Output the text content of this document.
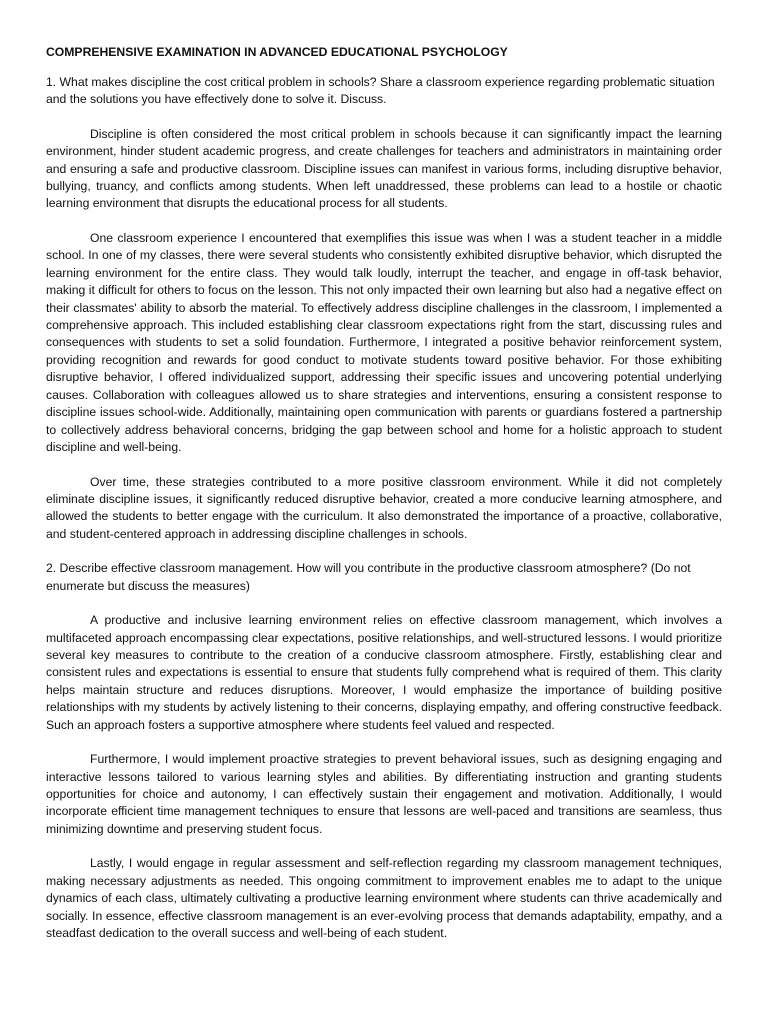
COMPREHENSIVE EXAMINATION IN ADVANCED EDUCATIONAL PSYCHOLOGY
1. What makes discipline the cost critical problem in schools? Share a classroom experience regarding problematic situation and the solutions you have effectively done to solve it. Discuss.

Discipline is often considered the most critical problem in schools because it can significantly impact the learning environment, hinder student academic progress, and create challenges for teachers and administrators in maintaining order and ensuring a safe and productive classroom. Discipline issues can manifest in various forms, including disruptive behavior, bullying, truancy, and conflicts among students. When left unaddressed, these problems can lead to a hostile or chaotic learning environment that disrupts the educational process for all students.

One classroom experience I encountered that exemplifies this issue was when I was a student teacher in a middle school. In one of my classes, there were several students who consistently exhibited disruptive behavior, which disrupted the learning environment for the entire class. They would talk loudly, interrupt the teacher, and engage in off-task behavior, making it difficult for others to focus on the lesson. This not only impacted their own learning but also had a negative effect on their classmates' ability to absorb the material. To effectively address discipline challenges in the classroom, I implemented a comprehensive approach. This included establishing clear classroom expectations right from the start, discussing rules and consequences with students to set a solid foundation. Furthermore, I integrated a positive behavior reinforcement system, providing recognition and rewards for good conduct to motivate students toward positive behavior. For those exhibiting disruptive behavior, I offered individualized support, addressing their specific issues and uncovering potential underlying causes. Collaboration with colleagues allowed us to share strategies and interventions, ensuring a consistent response to discipline issues school-wide. Additionally, maintaining open communication with parents or guardians fostered a partnership to collectively address behavioral concerns, bridging the gap between school and home for a holistic approach to student discipline and well-being.

Over time, these strategies contributed to a more positive classroom environment. While it did not completely eliminate discipline issues, it significantly reduced disruptive behavior, created a more conducive learning atmosphere, and allowed the students to better engage with the curriculum. It also demonstrated the importance of a proactive, collaborative, and student-centered approach in addressing discipline challenges in schools.

2. Describe effective classroom management. How will you contribute in the productive classroom atmosphere? (Do not enumerate but discuss the measures)

A productive and inclusive learning environment relies on effective classroom management, which involves a multifaceted approach encompassing clear expectations, positive relationships, and well-structured lessons. I would prioritize several key measures to contribute to the creation of a conducive classroom atmosphere. Firstly, establishing clear and consistent rules and expectations is essential to ensure that students fully comprehend what is required of them. This clarity helps maintain structure and reduces disruptions. Moreover, I would emphasize the importance of building positive relationships with my students by actively listening to their concerns, displaying empathy, and offering constructive feedback. Such an approach fosters a supportive atmosphere where students feel valued and respected.

Furthermore, I would implement proactive strategies to prevent behavioral issues, such as designing engaging and interactive lessons tailored to various learning styles and abilities. By differentiating instruction and granting students opportunities for choice and autonomy, I can effectively sustain their engagement and motivation. Additionally, I would incorporate efficient time management techniques to ensure that lessons are well-paced and transitions are seamless, thus minimizing downtime and preserving student focus.

Lastly, I would engage in regular assessment and self-reflection regarding my classroom management techniques, making necessary adjustments as needed. This ongoing commitment to improvement enables me to adapt to the unique dynamics of each class, ultimately cultivating a productive learning environment where students can thrive academically and socially. In essence, effective classroom management is an ever-evolving process that demands adaptability, empathy, and a steadfast dedication to the overall success and well-being of each student.
